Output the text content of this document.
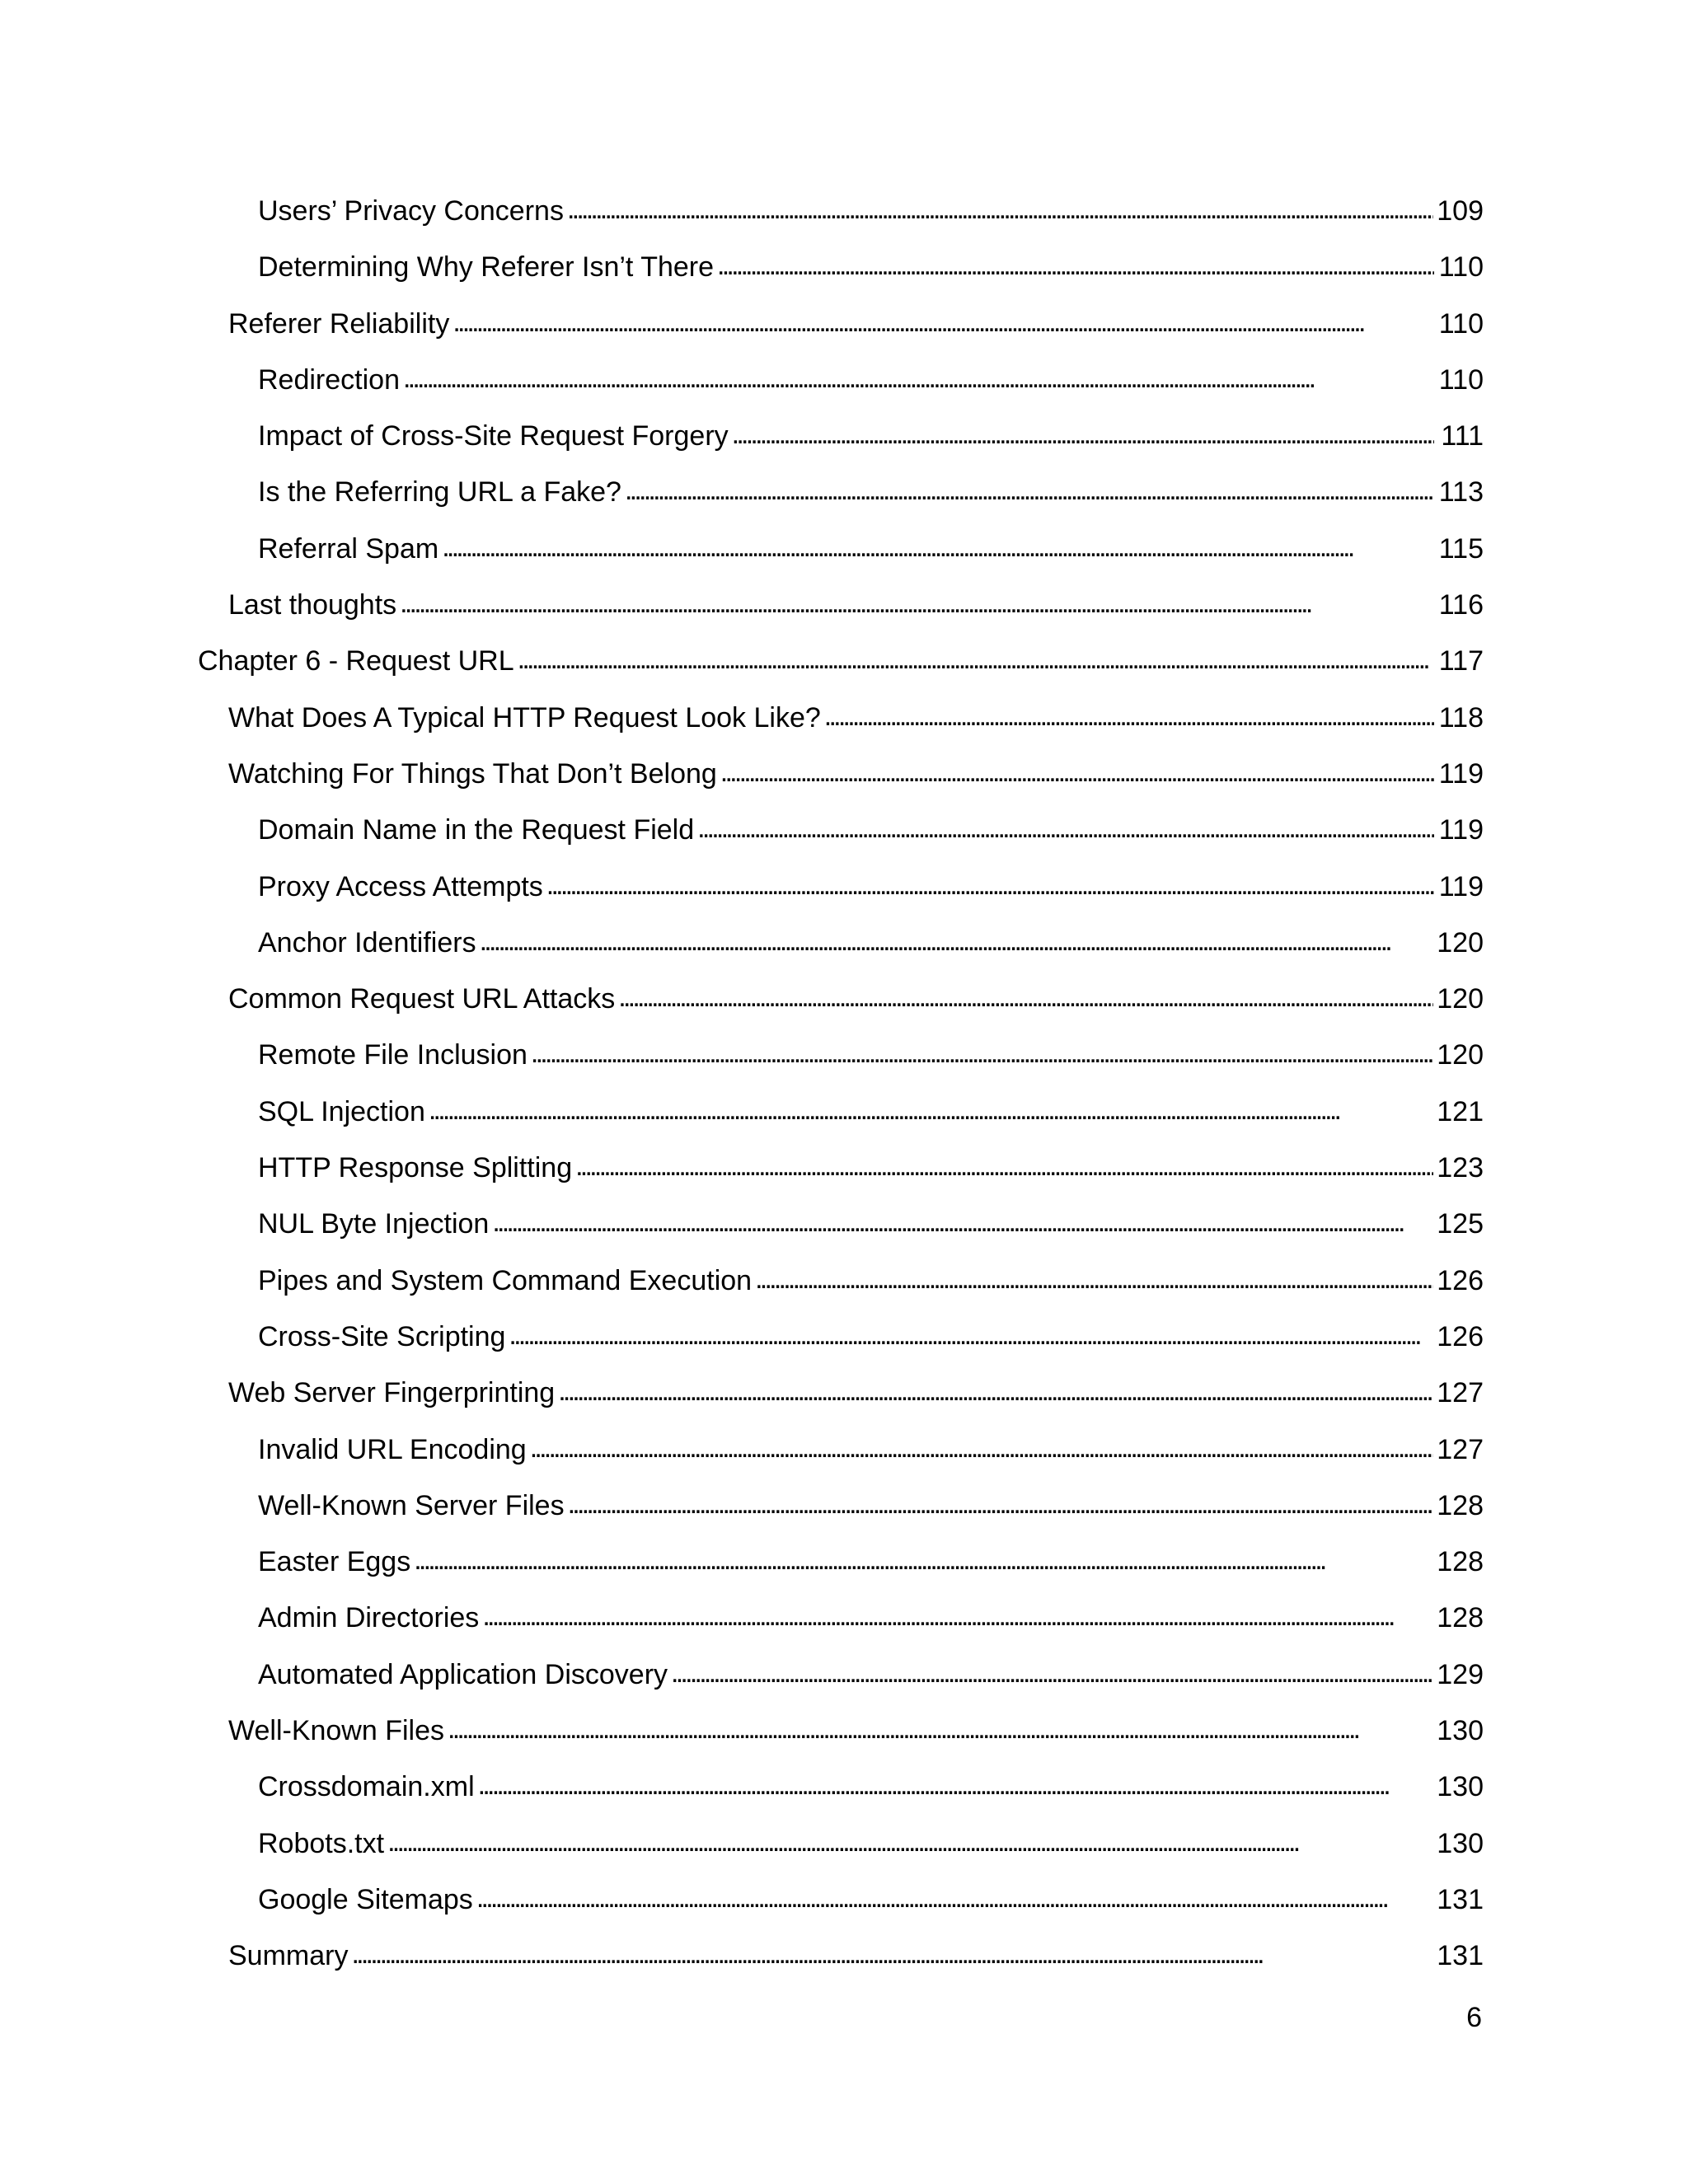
Users’ Privacy Concerns . . .	109
Determining Why Referer Isn’t There . . .	110
Referer Reliability . . .	110
Redirection . . .	110
Impact of Cross-Site Request Forgery . . .	111
Is the Referring URL a Fake? . . .	113
Referral Spam . . .	115
Last thoughts . . .	116
Chapter 6 - Request URL . . .	117
What Does A Typical HTTP Request Look Like? . . .	118
Watching For Things That Don’t Belong . . .	119
Domain Name in the Request Field . . .	119
Proxy Access Attempts . . .	119
Anchor Identifiers . . .	120
Common Request URL Attacks . . .	120
Remote File Inclusion . . .	120
SQL Injection . . .	121
HTTP Response Splitting . . .	123
NUL Byte Injection . . .	125
Pipes and System Command Execution . . .	126
Cross-Site Scripting . . .	126
Web Server Fingerprinting . . .	127
Invalid URL Encoding . . .	127
Well-Known Server Files . . .	128
Easter Eggs . . .	128
Admin Directories . . .	128
Automated Application Discovery . . .	129
Well-Known Files . . .	130
Crossdomain.xml . . .	130
Robots.txt . . .	130
Google Sitemaps . . .	131
Summary . . .	131
6
